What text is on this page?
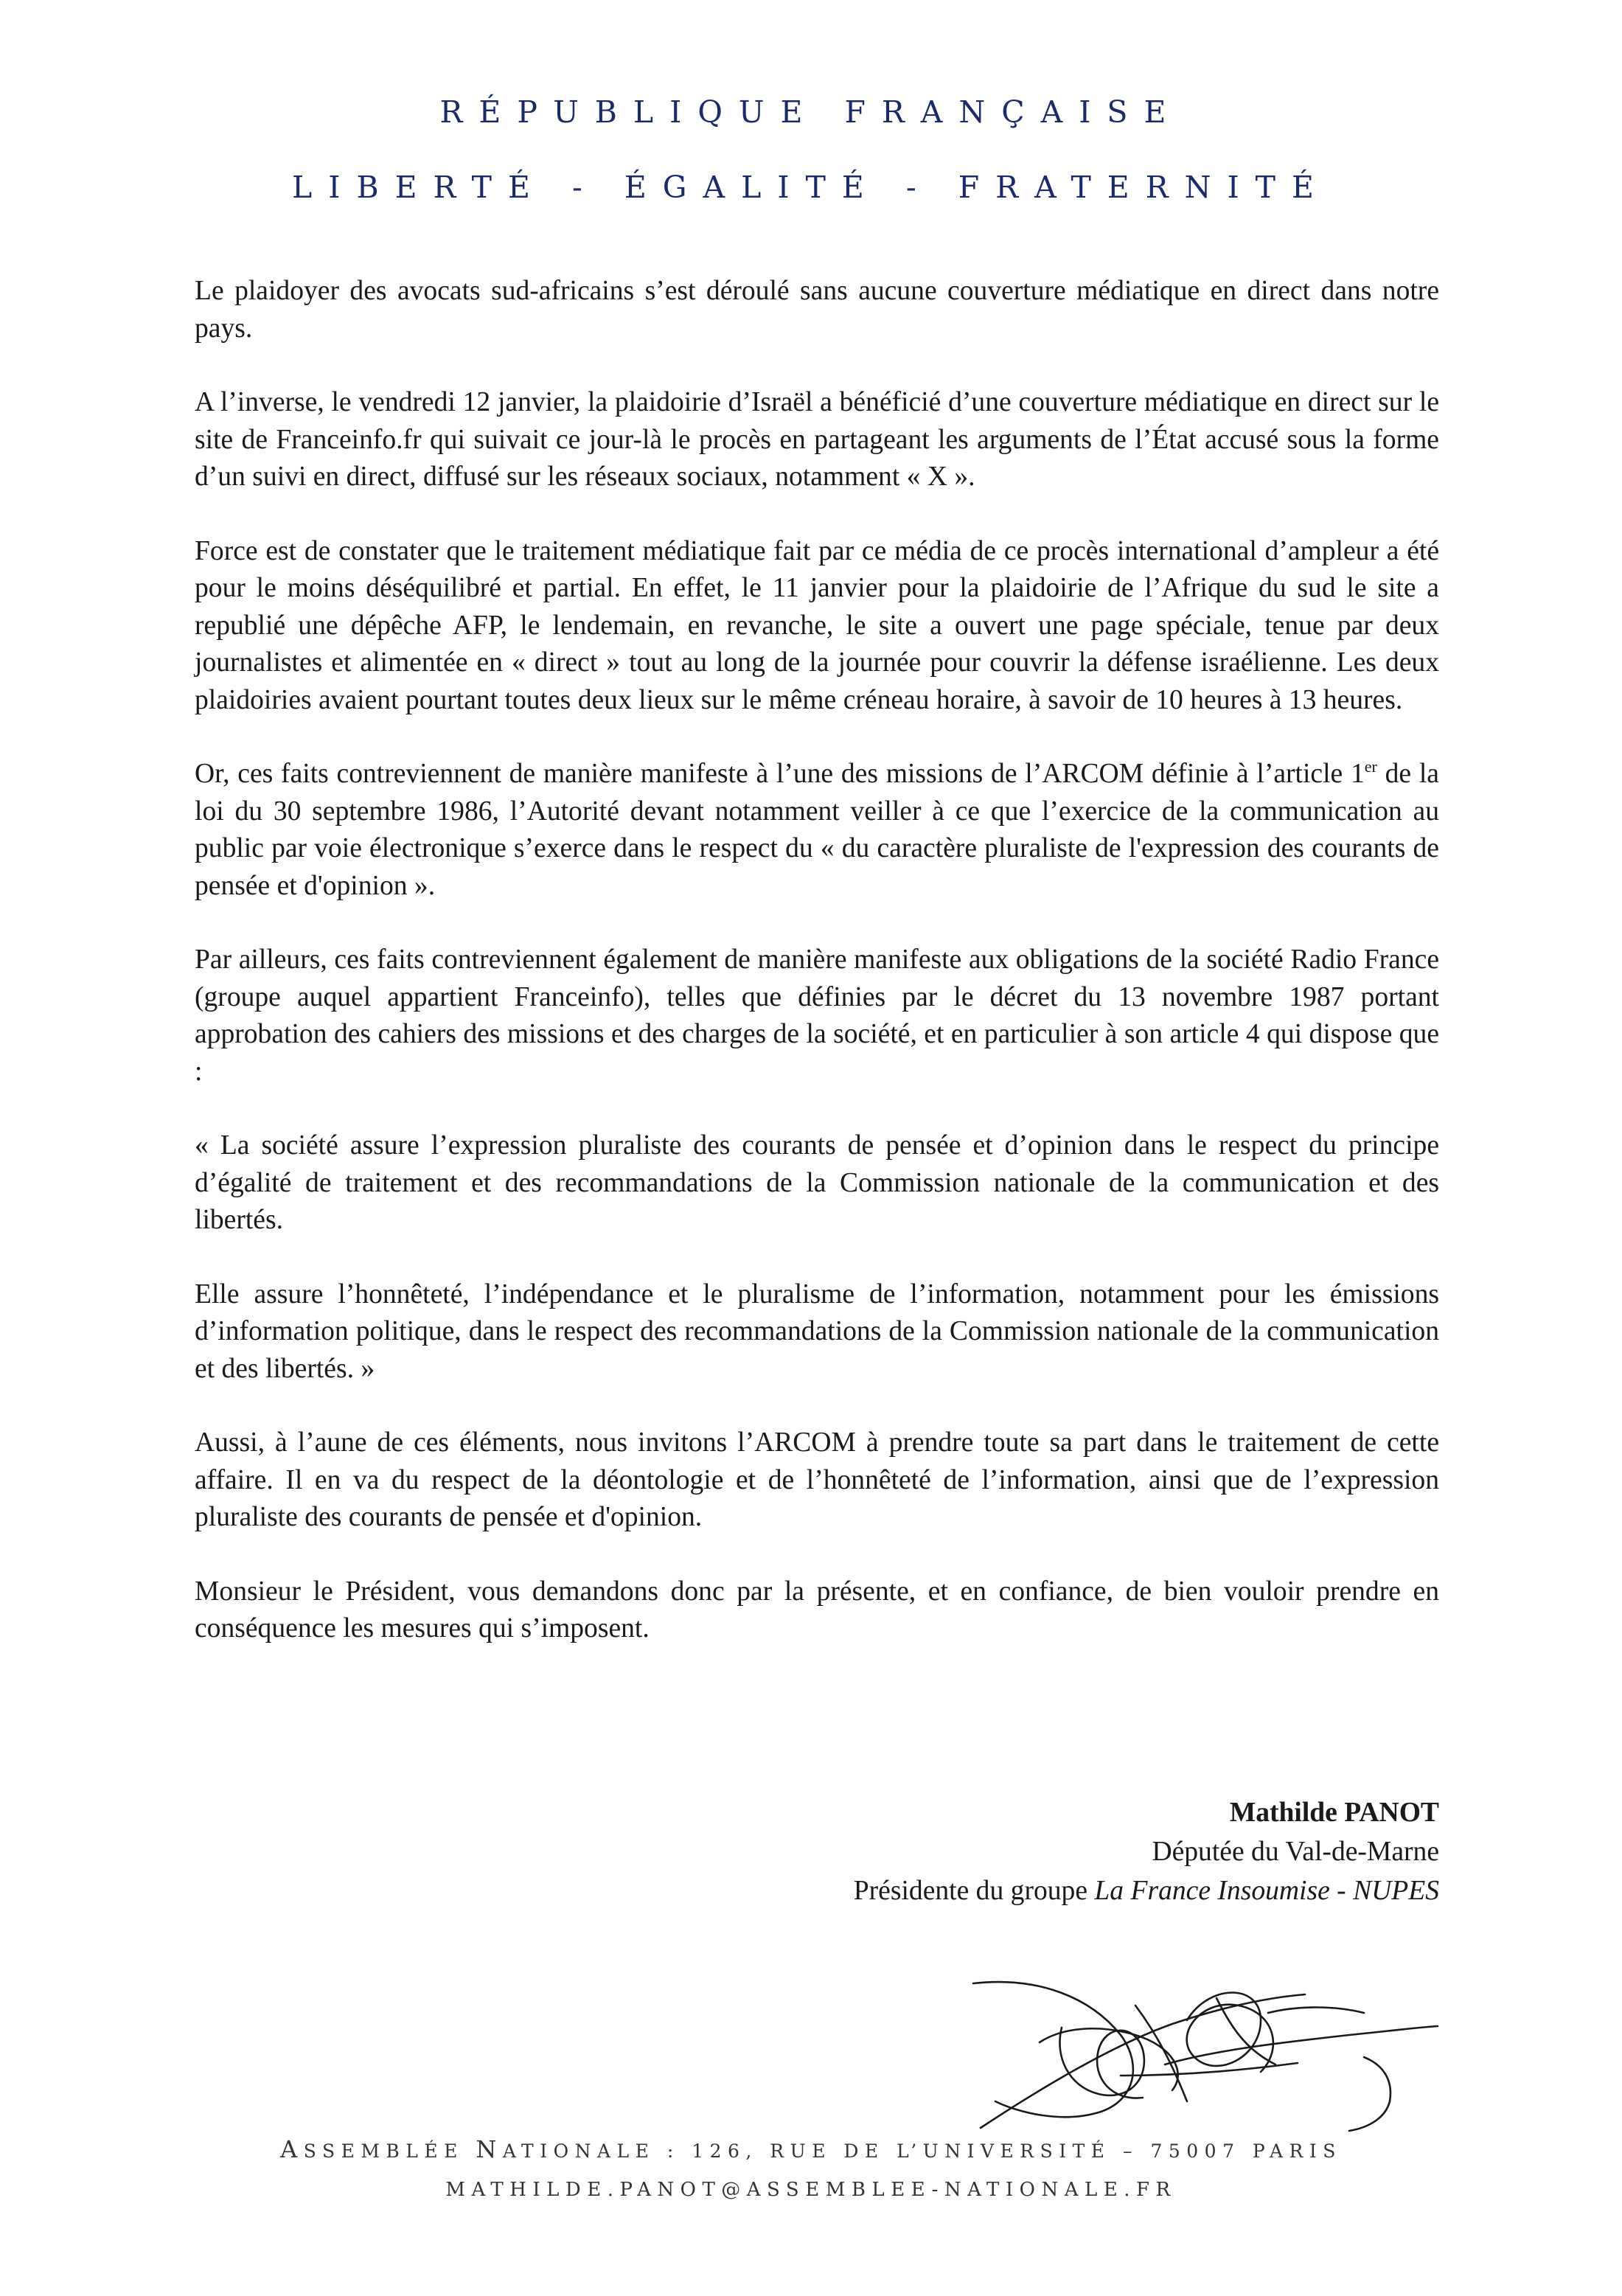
RÉPUBLIQUE FRANÇAISE
LIBERTÉ - ÉGALITÉ - FRATERNITÉ

Le plaidoyer des avocats sud-africains s’est déroulé sans aucune couverture médiatique en direct dans notre pays.

A l’inverse, le vendredi 12 janvier, la plaidoirie d’Israël a bénéficié d’une couverture médiatique en direct sur le site de Franceinfo.fr qui suivait ce jour-là le procès en partageant les arguments de l’État accusé sous la forme d’un suivi en direct, diffusé sur les réseaux sociaux, notamment « X ».

Force est de constater que le traitement médiatique fait par ce média de ce procès international d’ampleur a été pour le moins déséquilibré et partial. En effet, le 11 janvier pour la plaidoirie de l’Afrique du sud le site a republié une dépêche AFP, le lendemain, en revanche, le site a ouvert une page spéciale, tenue par deux journalistes et alimentée en « direct » tout au long de la journée pour couvrir la défense israélienne. Les deux plaidoiries avaient pourtant toutes deux lieux sur le même créneau horaire, à savoir de 10 heures à 13 heures.

Or, ces faits contreviennent de manière manifeste à l’une des missions de l’ARCOM définie à l’article 1er de la loi du 30 septembre 1986, l’Autorité devant notamment veiller à ce que l’exercice de la communication au public par voie électronique s’exerce dans le respect du « du caractère pluraliste de l'expression des courants de pensée et d'opinion ».

Par ailleurs, ces faits contreviennent également de manière manifeste aux obligations de la société Radio France (groupe auquel appartient Franceinfo), telles que définies par le décret du 13 novembre 1987 portant approbation des cahiers des missions et des charges de la société, et en particulier à son article 4 qui dispose que :

« La société assure l’expression pluraliste des courants de pensée et d’opinion dans le respect du principe d’égalité de traitement et des recommandations de la Commission nationale de la communication et des libertés.

Elle assure l’honnêteté, l’indépendance et le pluralisme de l’information, notamment pour les émissions d’information politique, dans le respect des recommandations de la Commission nationale de la communication et des libertés. »

Aussi, à l’aune de ces éléments, nous invitons l’ARCOM à prendre toute sa part dans le traitement de cette affaire. Il en va du respect de la déontologie et de l’honnêteté de l’information, ainsi que de l’expression pluraliste des courants de pensée et d'opinion.

Monsieur le Président, vous demandons donc par la présente, et en confiance, de bien vouloir prendre en conséquence les mesures qui s’imposent.

Mathilde PANOT
Députée du Val-de-Marne
Présidente du groupe La France Insoumise - NUPES
ASSEMBLÉE NATIONALE : 126, RUE DE L’UNIVERSITÉ – 75007 PARIS
MATHILDE.PANOT@ASSEMBLEE-NATIONALE.FR
